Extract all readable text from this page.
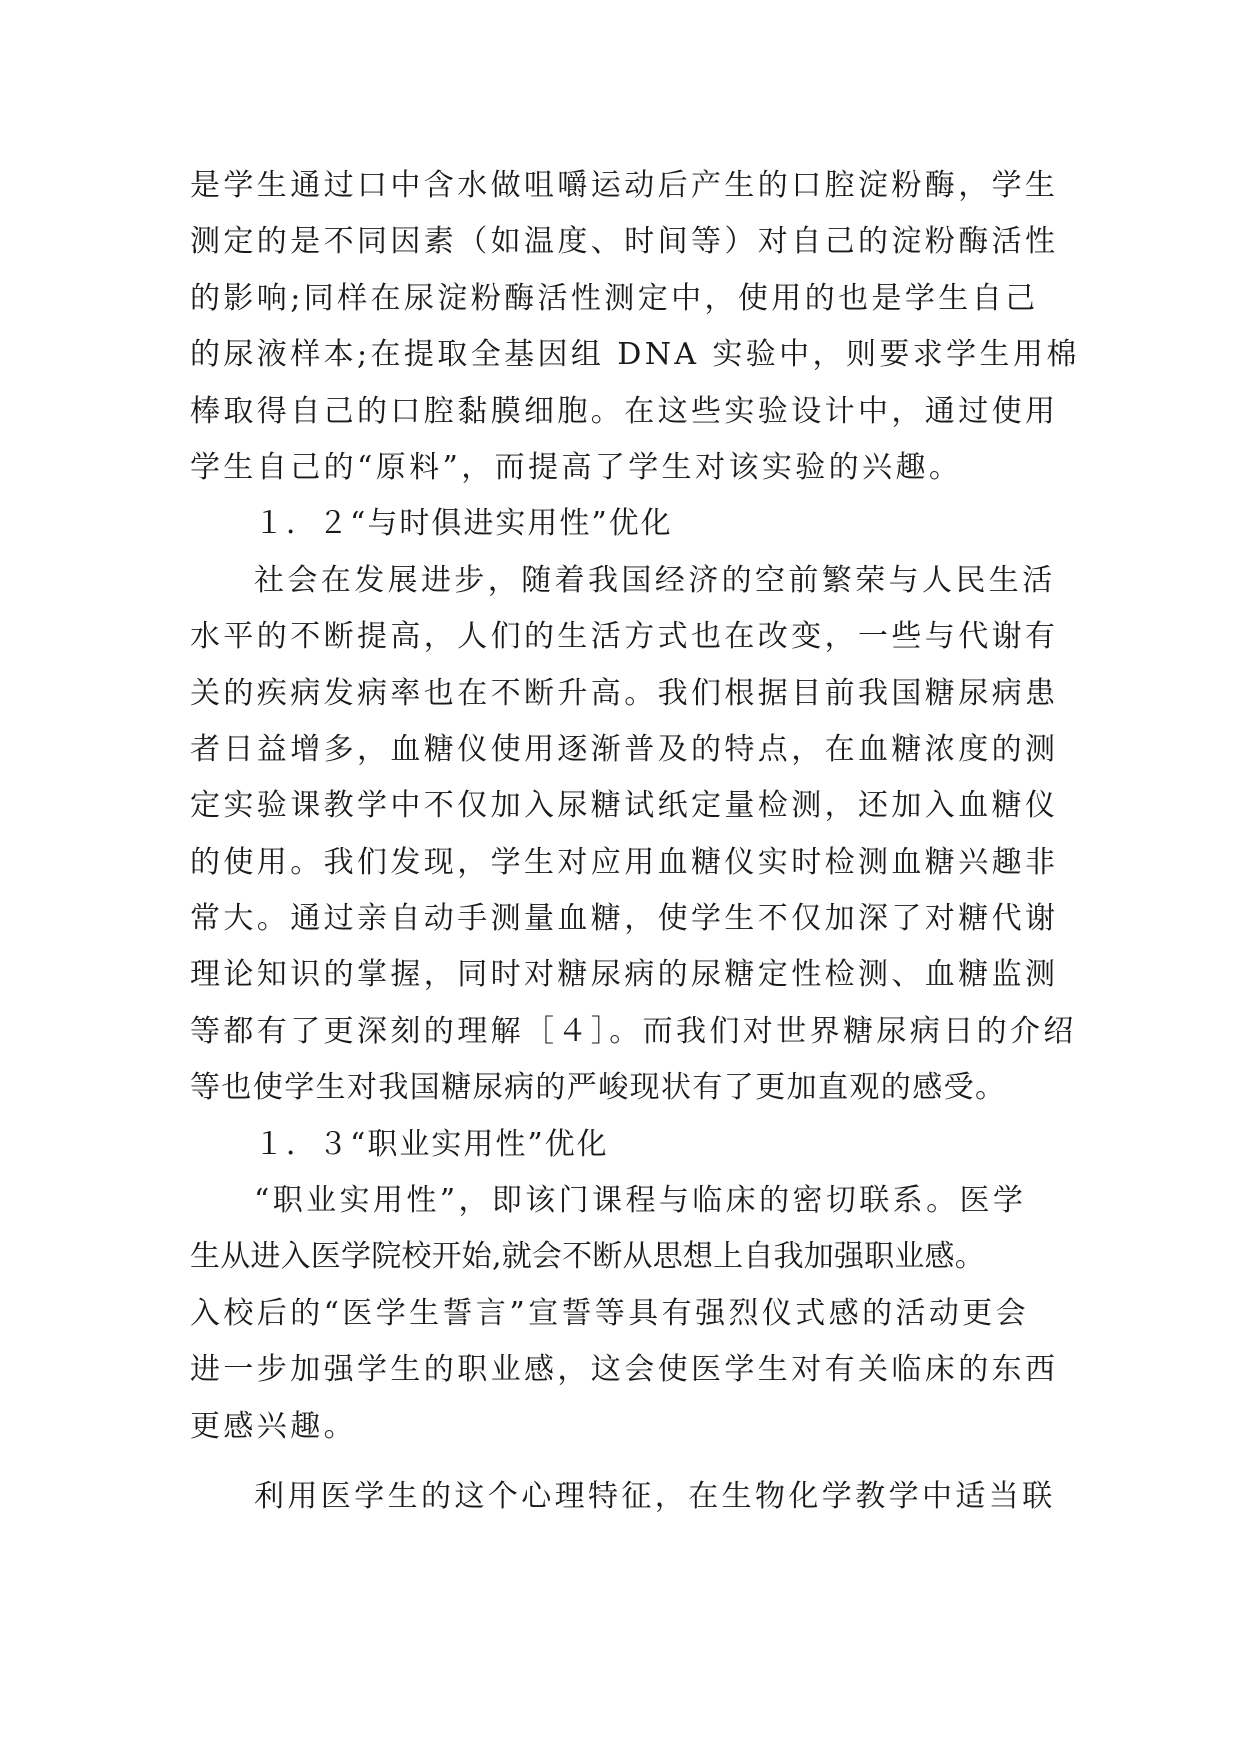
是学生通过口中含水做咀嚼运动后产生的口腔淀粉酶，学生
测定的是不同因素（如温度、时间等）对自己的淀粉酶活性
的影响;同样在尿淀粉酶活性测定中，使用的也是学生自己
的尿液样本;在提取全基因组 DNA 实验中，则要求学生用棉
棒取得自己的口腔黏膜细胞。在这些实验设计中，通过使用
学生自己的“原料”，而提高了学生对该实验的兴趣。
１．２“与时俱进实用性”优化
社会在发展进步，随着我国经济的空前繁荣与人民生活
水平的不断提高，人们的生活方式也在改变，一些与代谢有
关的疾病发病率也在不断升高。我们根据目前我国糖尿病患
者日益增多，血糖仪使用逐渐普及的特点，在血糖浓度的测
定实验课教学中不仅加入尿糖试纸定量检测，还加入血糖仪
的使用。我们发现，学生对应用血糖仪实时检测血糖兴趣非
常大。通过亲自动手测量血糖，使学生不仅加深了对糖代谢
理论知识的掌握，同时对糖尿病的尿糖定性检测、血糖监测
等都有了更深刻的理解［４］。而我们对世界糖尿病日的介绍
等也使学生对我国糖尿病的严峻现状有了更加直观的感受。
１．３“职业实用性”优化
“职业实用性”，即该门课程与临床的密切联系。医学
生从进入医学院校开始,就会不断从思想上自我加强职业感。
入校后的“医学生誓言”宣誓等具有强烈仪式感的活动更会
进一步加强学生的职业感，这会使医学生对有关临床的东西
更感兴趣。
利用医学生的这个心理特征，在生物化学教学中适当联
